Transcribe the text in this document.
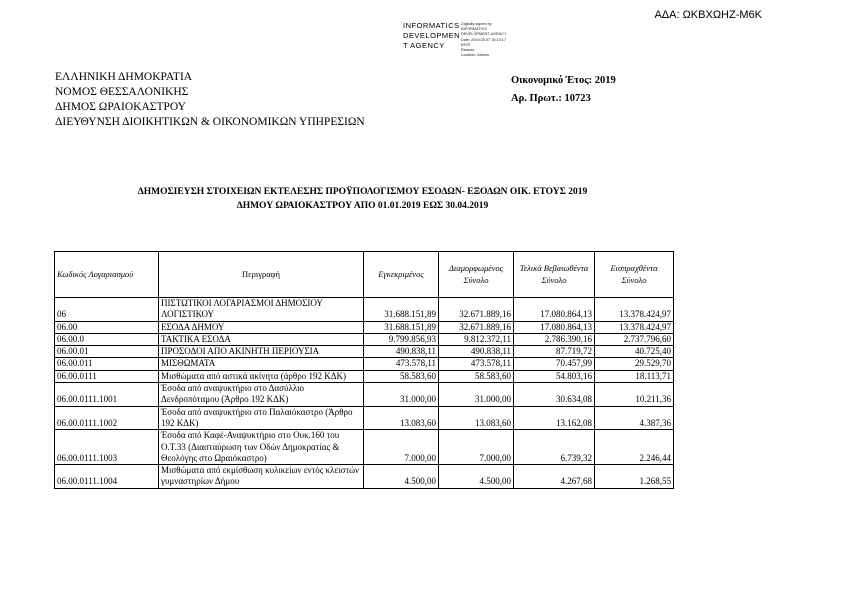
ΑΔΑ: ΩΚΒΧΩΗΖ-Μ6Κ
INFORMATICS
DEVELOPMEN
T AGENCY
Digitally signed by
INFORMATICS
DEVELOPMENT AGENCY
Date: 2019.05.07 10:13:17
EEST
Reason:
Location: Athens
ΕΛΛΗΝΙΚΗ ΔΗΜΟΚΡΑΤΙΑ
ΝΟΜΟΣ ΘΕΣΣΑΛΟΝΙΚΗΣ
ΔΗΜΟΣ ΩΡΑΙΟΚΑΣΤΡΟΥ
ΔΙΕΥΘΥΝΣΗ ΔΙΟΙΚΗΤΙΚΩΝ & ΟΙΚΟΝΟΜΙΚΩΝ ΥΠΗΡΕΣΙΩΝ
Οικονομικό Έτος: 2019
Αρ. Πρωτ.: 10723
ΔΗΜΟΣΙΕΥΣΗ ΣΤΟΙΧΕΙΩΝ ΕΚΤΕΛΕΣΗΣ ΠΡΟΫΠΟΛΟΓΙΣΜΟΥ ΕΣΟΔΩΝ- ΕΞΟΔΩΝ ΟΙΚ. ΕΤΟΥΣ 2019
ΔΗΜΟΥ ΩΡΑΙΟΚΑΣΤΡΟΥ ΑΠΟ 01.01.2019 ΕΩΣ 30.04.2019
Κωδικός Λογαριασμού	Περιγραφή	Εγκεκριμένος	Διαμορφωμένος Σύνολο	Τελικά Βεβαιωθέντα Σύνολο	Εισπραχθέντα Σύνολο
06	ΠΙΣΤΩΤΙΚΟΙ ΛΟΓΑΡΙΑΣΜΟΙ ΔΗΜΟΣΙΟΥ ΛΟΓΙΣΤΙΚΟΥ	31.688.151,89	32.671.889,16	17.080.864,13	13.378.424,97
06.00	ΕΣΟΔΑ ΔΗΜΟΥ	31.688.151,89	32.671.889,16	17.080.864,13	13.378.424,97
06.00.0	ΤΑΚΤΙΚΑ ΕΣΟΔΑ	9.799.856,93	9.812.372,11	2.786.390,16	2.737.796,60
06.00.01	ΠΡΟΣΟΔΟΙ ΑΠΟ ΑΚΙΝΗΤΗ ΠΕΡΙΟΥΣΙΑ	490.838,11	490.838,11	87.719,72	40.725,40
06.00.011	ΜΙΣΘΩΜΑΤΑ	473.578,11	473.578,11	70.457,99	29.529,70
06.00.0111	Μισθώματα από αστικά ακίνητα (άρθρο 192 ΚΔΚ)	58.583,60	58.583,60	54.803,16	18.113,71
06.00.0111.1001	Έσοδα από αναψυκτήριο στο Δασύλλιο Δενδροπόταμου (Άρθρο 192 ΚΔΚ)	31.000,00	31.000,00	30.634,08	10.211,36
06.00.0111.1002	Έσοδα από αναψυκτήριο στο Παλαιόκαστρο (Άρθρο 192 ΚΔΚ)	13.083,60	13.083,60	13.162,08	4.387,36
06.00.0111.1003	Έσοδα από Καφέ-Αναψυκτήριο στο Ουκ.160 του Ο.Τ.33 (Διασταύρωση των Οδών Δημοκρατίας & Θεολόγης στο Ωραιόκαστρο)	7.000,00	7.000,00	6.739,32	2.246,44
06.00.0111.1004	Μισθώματα από εκμίσθωση κυλικείων εντός κλειστών γυμναστηρίων Δήμου	4.500,00	4.500,00	4.267,68	1.268,55
